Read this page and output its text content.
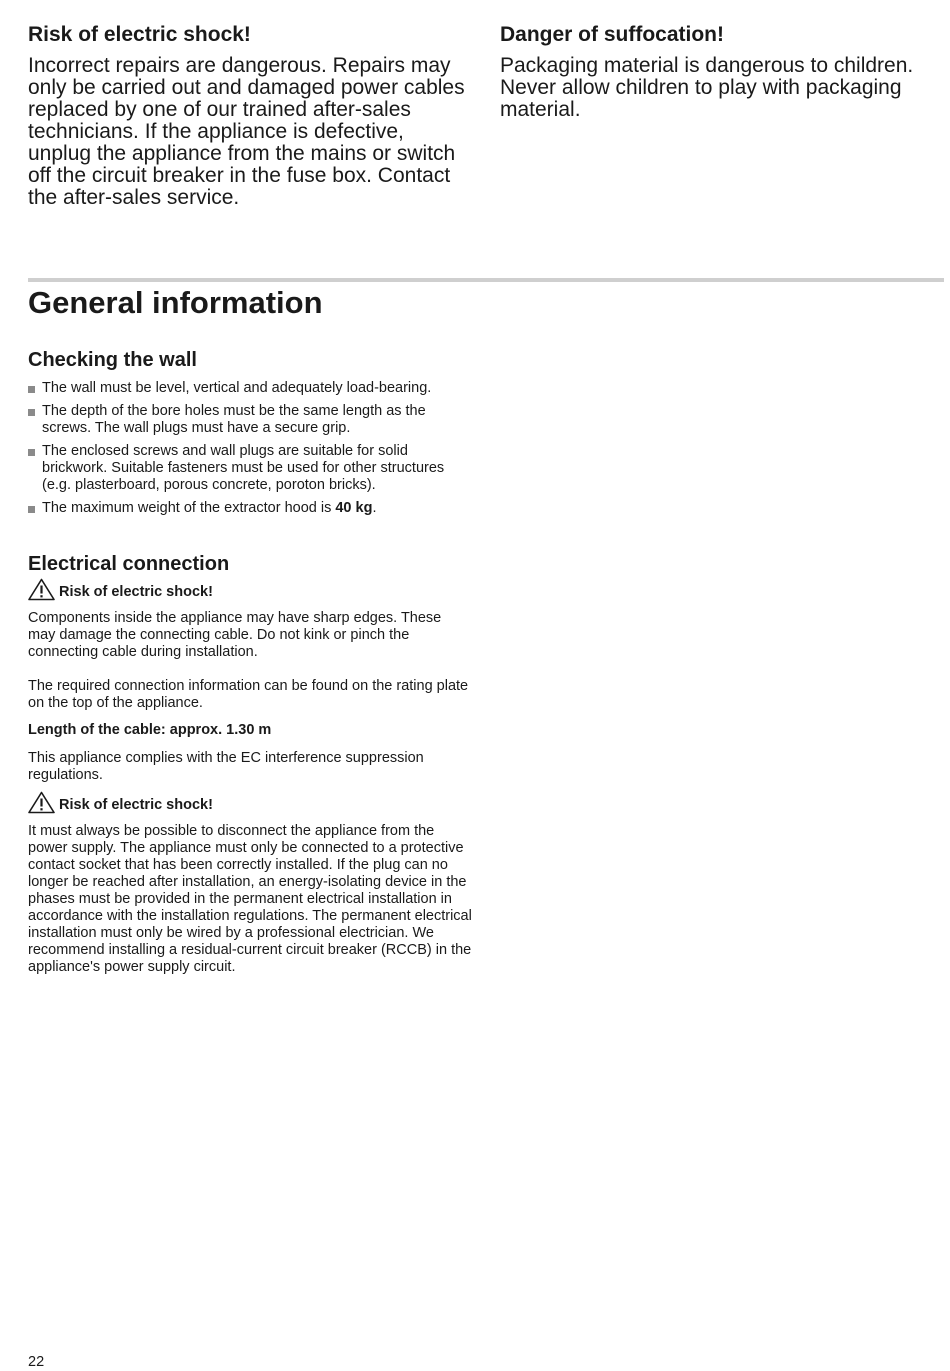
Risk of electric shock!

Incorrect repairs are dangerous. Repairs may only be carried out and damaged power cables replaced by one of our trained after-sales technicians. If the appliance is defective, unplug the appliance from the mains or switch off the circuit breaker in the fuse box. Contact the after-sales service.

Danger of suffocation!

Packaging material is dangerous to children. Never allow children to play with packaging material.

General information
Checking the wall
The wall must be level, vertical and adequately load-bearing.
The depth of the bore holes must be the same length as the screws. The wall plugs must have a secure grip.
The enclosed screws and wall plugs are suitable for solid brickwork. Suitable fasteners must be used for other structures (e.g. plasterboard, porous concrete, poroton bricks).
The maximum weight of the extractor hood is 40 kg.
Electrical connection
Risk of electric shock!

Components inside the appliance may have sharp edges. These may damage the connecting cable. Do not kink or pinch the connecting cable during installation.

The required connection information can be found on the rating plate on the top of the appliance.

Length of the cable: approx. 1.30 m

This appliance complies with the EC interference suppression regulations.

Risk of electric shock!

It must always be possible to disconnect the appliance from the power supply. The appliance must only be connected to a protective contact socket that has been correctly installed. If the plug can no longer be reached after installation, an energy-isolating device in the phases must be provided in the permanent electrical installation in accordance with the installation regulations. The permanent electrical installation must only be wired by a professional electrician. We recommend installing a residual-current circuit breaker (RCCB) in the appliance's power supply circuit.

22
